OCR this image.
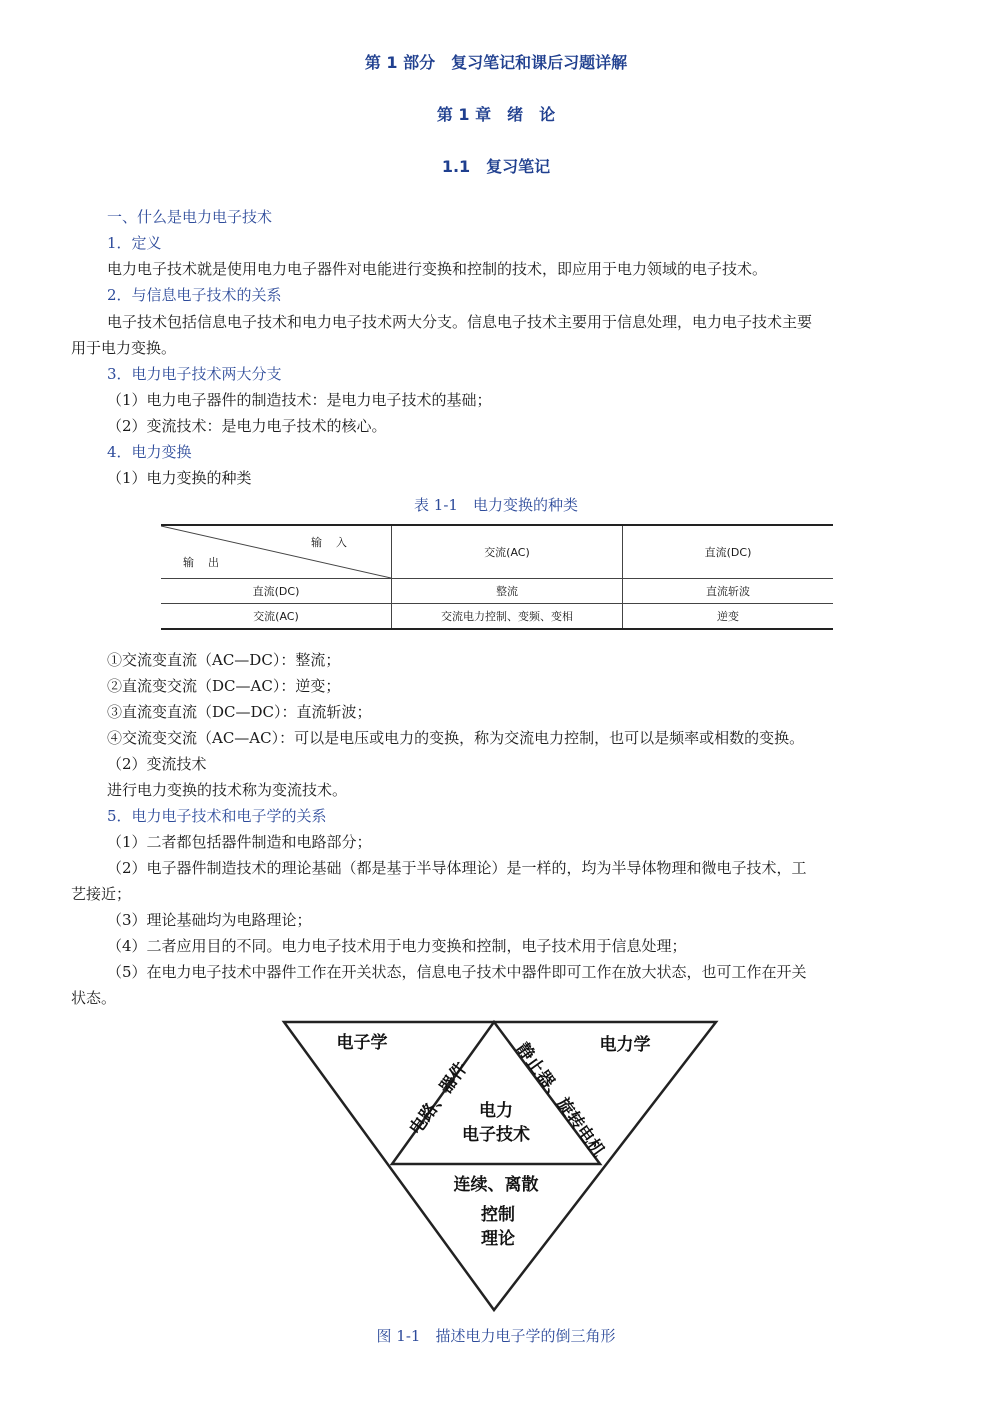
第 1 部分　复习笔记和课后习题详解
第 1 章　绪　论
1.1　复习笔记
一、什么是电力电子技术
1．定义
电力电子技术就是使用电力电子器件对电能进行变换和控制的技术，即应用于电力领域的电子技术。
2．与信息电子技术的关系
电子技术包括信息电子技术和电力电子技术两大分支。信息电子技术主要用于信息处理，电力电子技术主要
用于电力变换。
3．电力电子技术两大分支
（1）电力电子器件的制造技术：是电力电子技术的基础；
（2）变流技术：是电力电子技术的核心。
4．电力变换
（1）电力变换的种类
表 1-1　电力变换的种类
输入
输出	交流(AC)	直流(DC)
直流(DC)	整流	直流斩波
交流(AC)	交流电力控制、变频、变相	逆变
①交流变直流（AC—DC）：整流；
②直流变交流（DC—AC）：逆变；
③直流变直流（DC—DC）：直流斩波；
④交流变交流（AC—AC）：可以是电压或电力的变换，称为交流电力控制，也可以是频率或相数的变换。
（2）变流技术
进行电力变换的技术称为变流技术。
5．电力电子技术和电子学的关系
（1）二者都包括器件制造和电路部分；
（2）电子器件制造技术的理论基础（都是基于半导体理论）是一样的，均为半导体物理和微电子技术，工
艺接近；
（3）理论基础均为电路理论；
（4）二者应用目的不同。电力电子技术用于电力变换和控制，电子技术用于信息处理；
（5）在电力电子技术中器件工作在开关状态，信息电子技术中器件即可工作在放大状态，也可工作在开关
状态。
电子学	电力学
电力
电子技术
电路、器件 静止器、旋转电机
连续、离散
控制
理论
图 1-1　描述电力电子学的倒三角形
